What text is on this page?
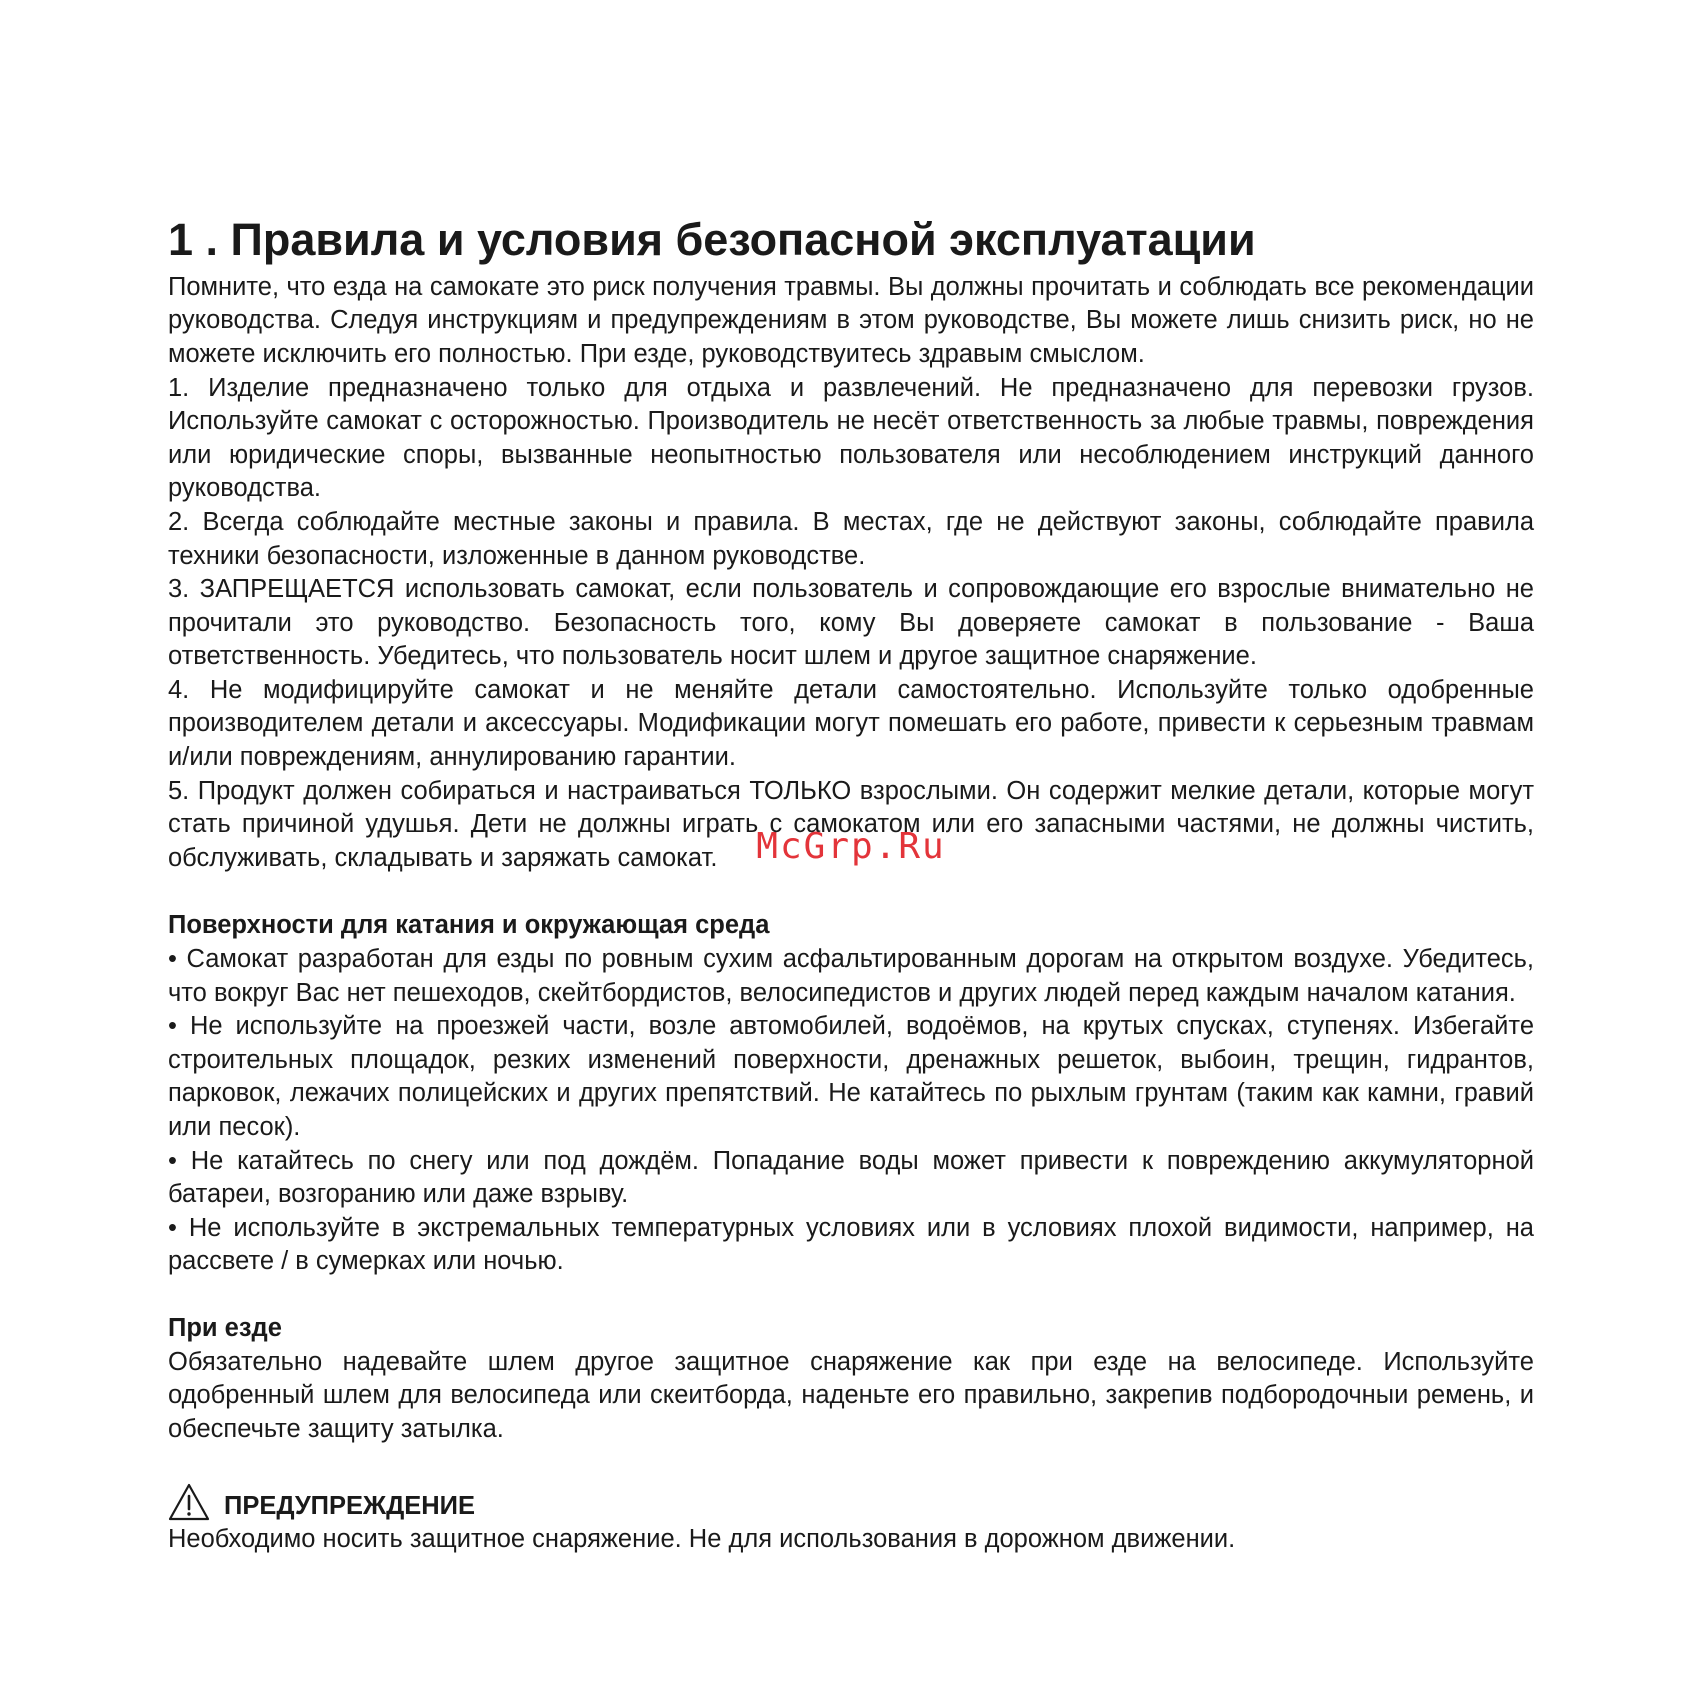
McGrp.Ru
1 . Правила и условия безопасной эксплуатации

Помните, что езда на самокате это риск получения травмы. Вы должны прочитать и соблюдать все рекомендации руководства. Следуя инструкциям и предупреждениям в этом руководстве, Вы можете лишь снизить риск, но не можете исключить его полностью. При езде, руководствуитесь здравым смыслом.

1. Изделие предназначено только для отдыха и развлечений. Не предназначено для перевозки грузов. Используйте самокат с осторожностью. Производитель не несёт ответственность за любые травмы, повреждения или юридические споры, вызванные неопытностью пользователя или несоблюдением инструкций данного руководства.

2. Всегда соблюдайте местные законы и правила. В местах, где не действуют законы, соблюдайте правила техники безопасности, изложенные в данном руководстве.

3. ЗАПРЕЩАЕТСЯ использовать самокат, если пользователь и сопровождающие его взрослые внимательно не прочитали это руководство. Безопасность того, кому Вы доверяете самокат в пользование - Ваша ответственность. Убедитесь, что пользователь носит шлем и другое защитное снаряжение.

4. Не модифицируйте самокат и не меняйте детали самостоятельно. Используйте только одобренные производителем детали и аксессуары. Модификации могут помешать его работе, привести к серьезным травмам и/или повреждениям, аннулированию гарантии.

5. Продукт должен собираться и настраиваться ТОЛЬКО взрослыми. Он содержит мелкие детали, которые могут стать причиной удушья. Дети не должны играть с самокатом или его запасными частями, не должны чистить, обслуживать, складывать и заряжать самокат.

Поверхности для катания и окружающая среда

• Самокат разработан для езды по ровным сухим асфальтированным дорогам на открытом воздухе. Убедитесь, что вокруг Вас нет пешеходов, скейтбордистов, велосипедистов и других людей перед каждым началом катания.

• Не используйте на проезжей части, возле автомобилей, водоёмов, на крутых спусках, ступенях. Избегайте строительных площадок, резких изменений поверхности, дренажных решеток, выбоин, трещин, гидрантов, парковок, лежачих полицейских и других препятствий. Не катайтесь по рыхлым грунтам (таким как камни, гравий или песок).

• Не катайтесь по снегу или под дождём. Попадание воды может привести к повреждению аккумуляторной батареи, возгоранию или даже взрыву.

• Не используйте в экстремальных температурных условиях или в условиях плохой видимости, например, на рассвете / в сумерках или ночью.

При езде

Обязательно надевайте шлем другое защитное снаряжение как при езде на велосипеде. Используйте одобренный шлем для велосипеда или скеитборда, наденьте его правильно, закрепив подбородочныи ремень, и обеспечьте защиту затылка.

ПРЕДУПРЕЖДЕНИЕ

Необходимо носить защитное снаряжение. Не для использования в дорожном движении.
